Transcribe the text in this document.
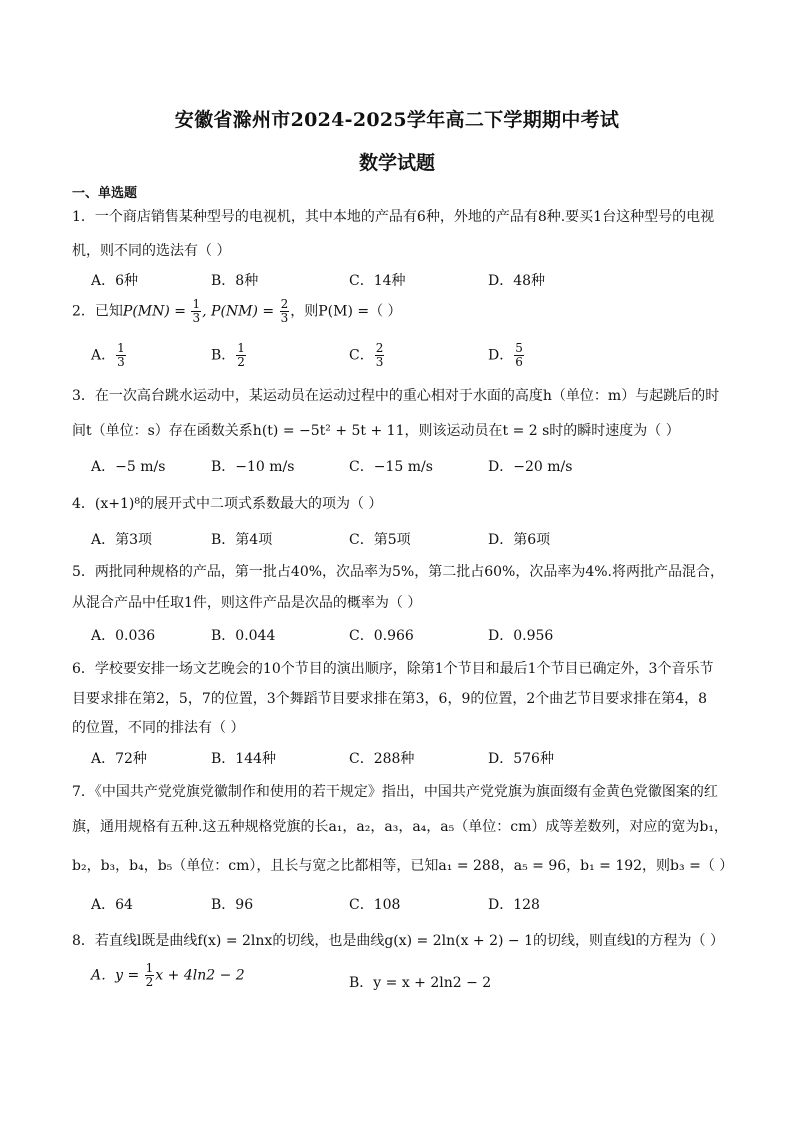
安徽省滁州市2024-2025学年高二下学期期中考试
数学试题
一、单选题
1．一个商店销售某种型号的电视机，其中本地的产品有6种，外地的产品有8种.要买1台这种型号的电视
机，则不同的选法有（ ）
A．6种	B．8种	C．14种	D．48种
2．已知$P(MN) = \frac{1}{3}$ , $P(NM) = \frac{2}{3}$ ，则P(M) =（ ）
A． $\frac{1}{3}$	B． $\frac{1}{2}$	C． $\frac{2}{3}$	D． $\frac{5}{6}$
3．在一次高台跳水运动中，某运动员在运动过程中的重心相对于水面的高度h（单位：m）与起跳后的时
间t（单位：s）存在函数关系h(t) = −5t² + 5t + 11，则该运动员在t = 2 s时的瞬时速度为（ ）
A．−5 m/s	B．−10 m/s	C．−15 m/s	D．−20 m/s
4．(x+1)⁸的展开式中二项式系数最大的项为（ ）
A．第3项	B．第4项	C．第5项	D．第6项
5．两批同种规格的产品，第一批占40%，次品率为5%，第二批占60%，次品率为4%.将两批产品混合，
从混合产品中任取1件，则这件产品是次品的概率为（ ）
A．0.036	B．0.044	C．0.966	D．0.956
6．学校要安排一场文艺晚会的10个节目的演出顺序，除第1个节目和最后1个节目已确定外，3个音乐节
目要求排在第2，5，7的位置，3个舞蹈节目要求排在第3，6，9的位置，2个曲艺节目要求排在第4，8
的位置，不同的排法有（ ）
A．72种	B．144种	C．288种	D．576种
7．《中国共产党党旗党徽制作和使用的若干规定》指出，中国共产党党旗为旗面缀有金黄色党徽图案的红
旗，通用规格有五种.这五种规格党旗的长a₁，a₂，a₃，a₄，a₅（单位：cm）成等差数列，对应的宽为b₁，
b₂，b₃，b₄，b₅（单位：cm），且长与宽之比都相等，已知a₁ = 288，a₅ = 96，b₁ = 192，则b₃ =（ ）
A．64	B．96	C．108	D．128
8．若直线l既是曲线f(x) = 2lnx的切线，也是曲线g(x) = 2ln(x + 2) − 1的切线，则直线l的方程为（ ）
A．$y = \frac{1}{2}$ x + 4ln2 − 2	B．y = x + 2ln2 − 2
